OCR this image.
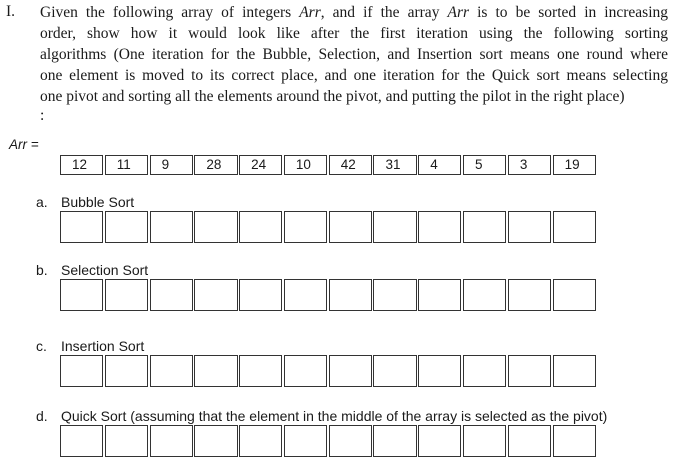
I. Given the following array of integers Arr, and if the array Arr is to be sorted in increasing
order, show how it would look like after the first iteration using the following sorting
algorithms (One iteration for the Bubble, Selection, and Insertion sort means one round where
one element is moved to its correct place, and one iteration for the Quick sort means selecting
one pivot and sorting all the elements around the pivot, and putting the pilot in the right place)
:
Arr =
12	11	9	28	24	10	42	31	4	5	3	19
a. Bubble Sort
b. Selection Sort
c. Insertion Sort
d. Quick Sort (assuming that the element in the middle of the array is selected as the pivot)
